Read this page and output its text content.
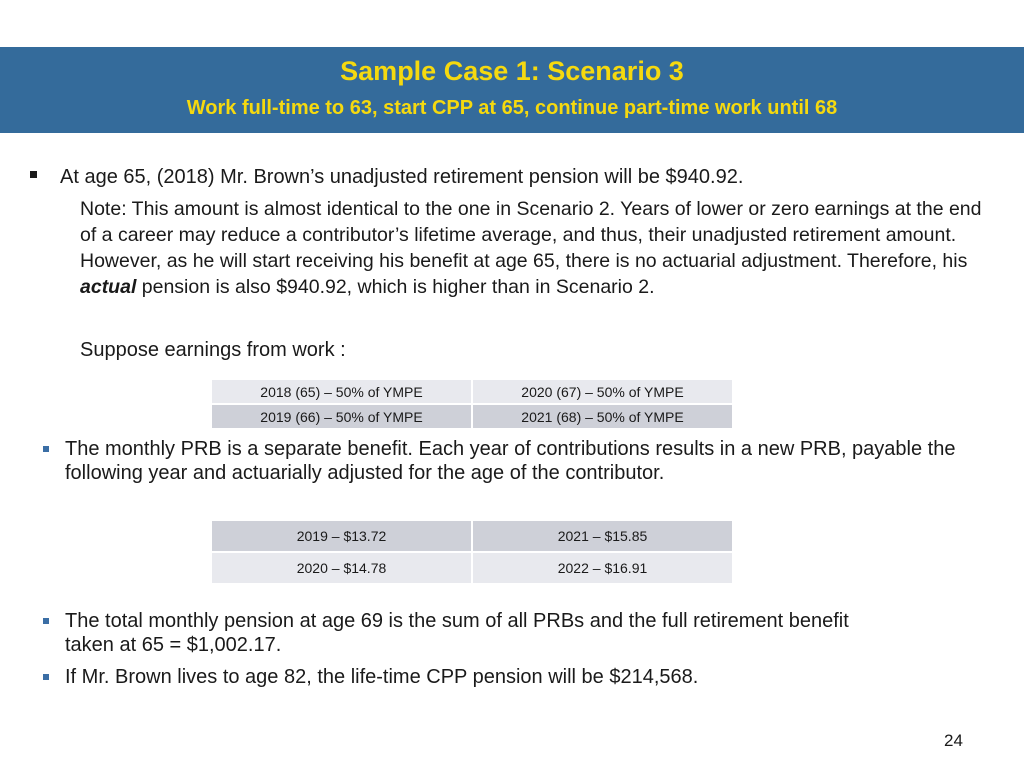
Sample Case 1: Scenario 3
Work full-time to 63, start CPP at 65, continue part-time work until 68
At age 65, (2018) Mr. Brown’s unadjusted retirement pension will be $940.92.
Note: This amount is almost identical to the one in Scenario 2. Years of lower or zero earnings at the end of a career may reduce a contributor’s lifetime average, and thus, their unadjusted retirement amount. However, as he will start receiving his benefit at age 65, there is no actuarial adjustment. Therefore, his actual pension is also $940.92, which is higher than in Scenario 2.
Suppose earnings from work :
2018 (65) – 50% of YMPE	2020 (67) – 50% of YMPE
2019 (66) – 50% of YMPE	2021 (68) – 50% of YMPE
The monthly PRB is a separate benefit. Each year of contributions results in a new PRB, payable the following year and actuarially adjusted for the age of the contributor.
2019 – $13.72	2021 – $15.85
2020 – $14.78	2022 – $16.91
The total monthly pension at age 69 is the sum of all PRBs and the full retirement benefit taken at 65 = $1,002.17.
If Mr. Brown lives to age 82, the life-time CPP pension will be $214,568.
24
